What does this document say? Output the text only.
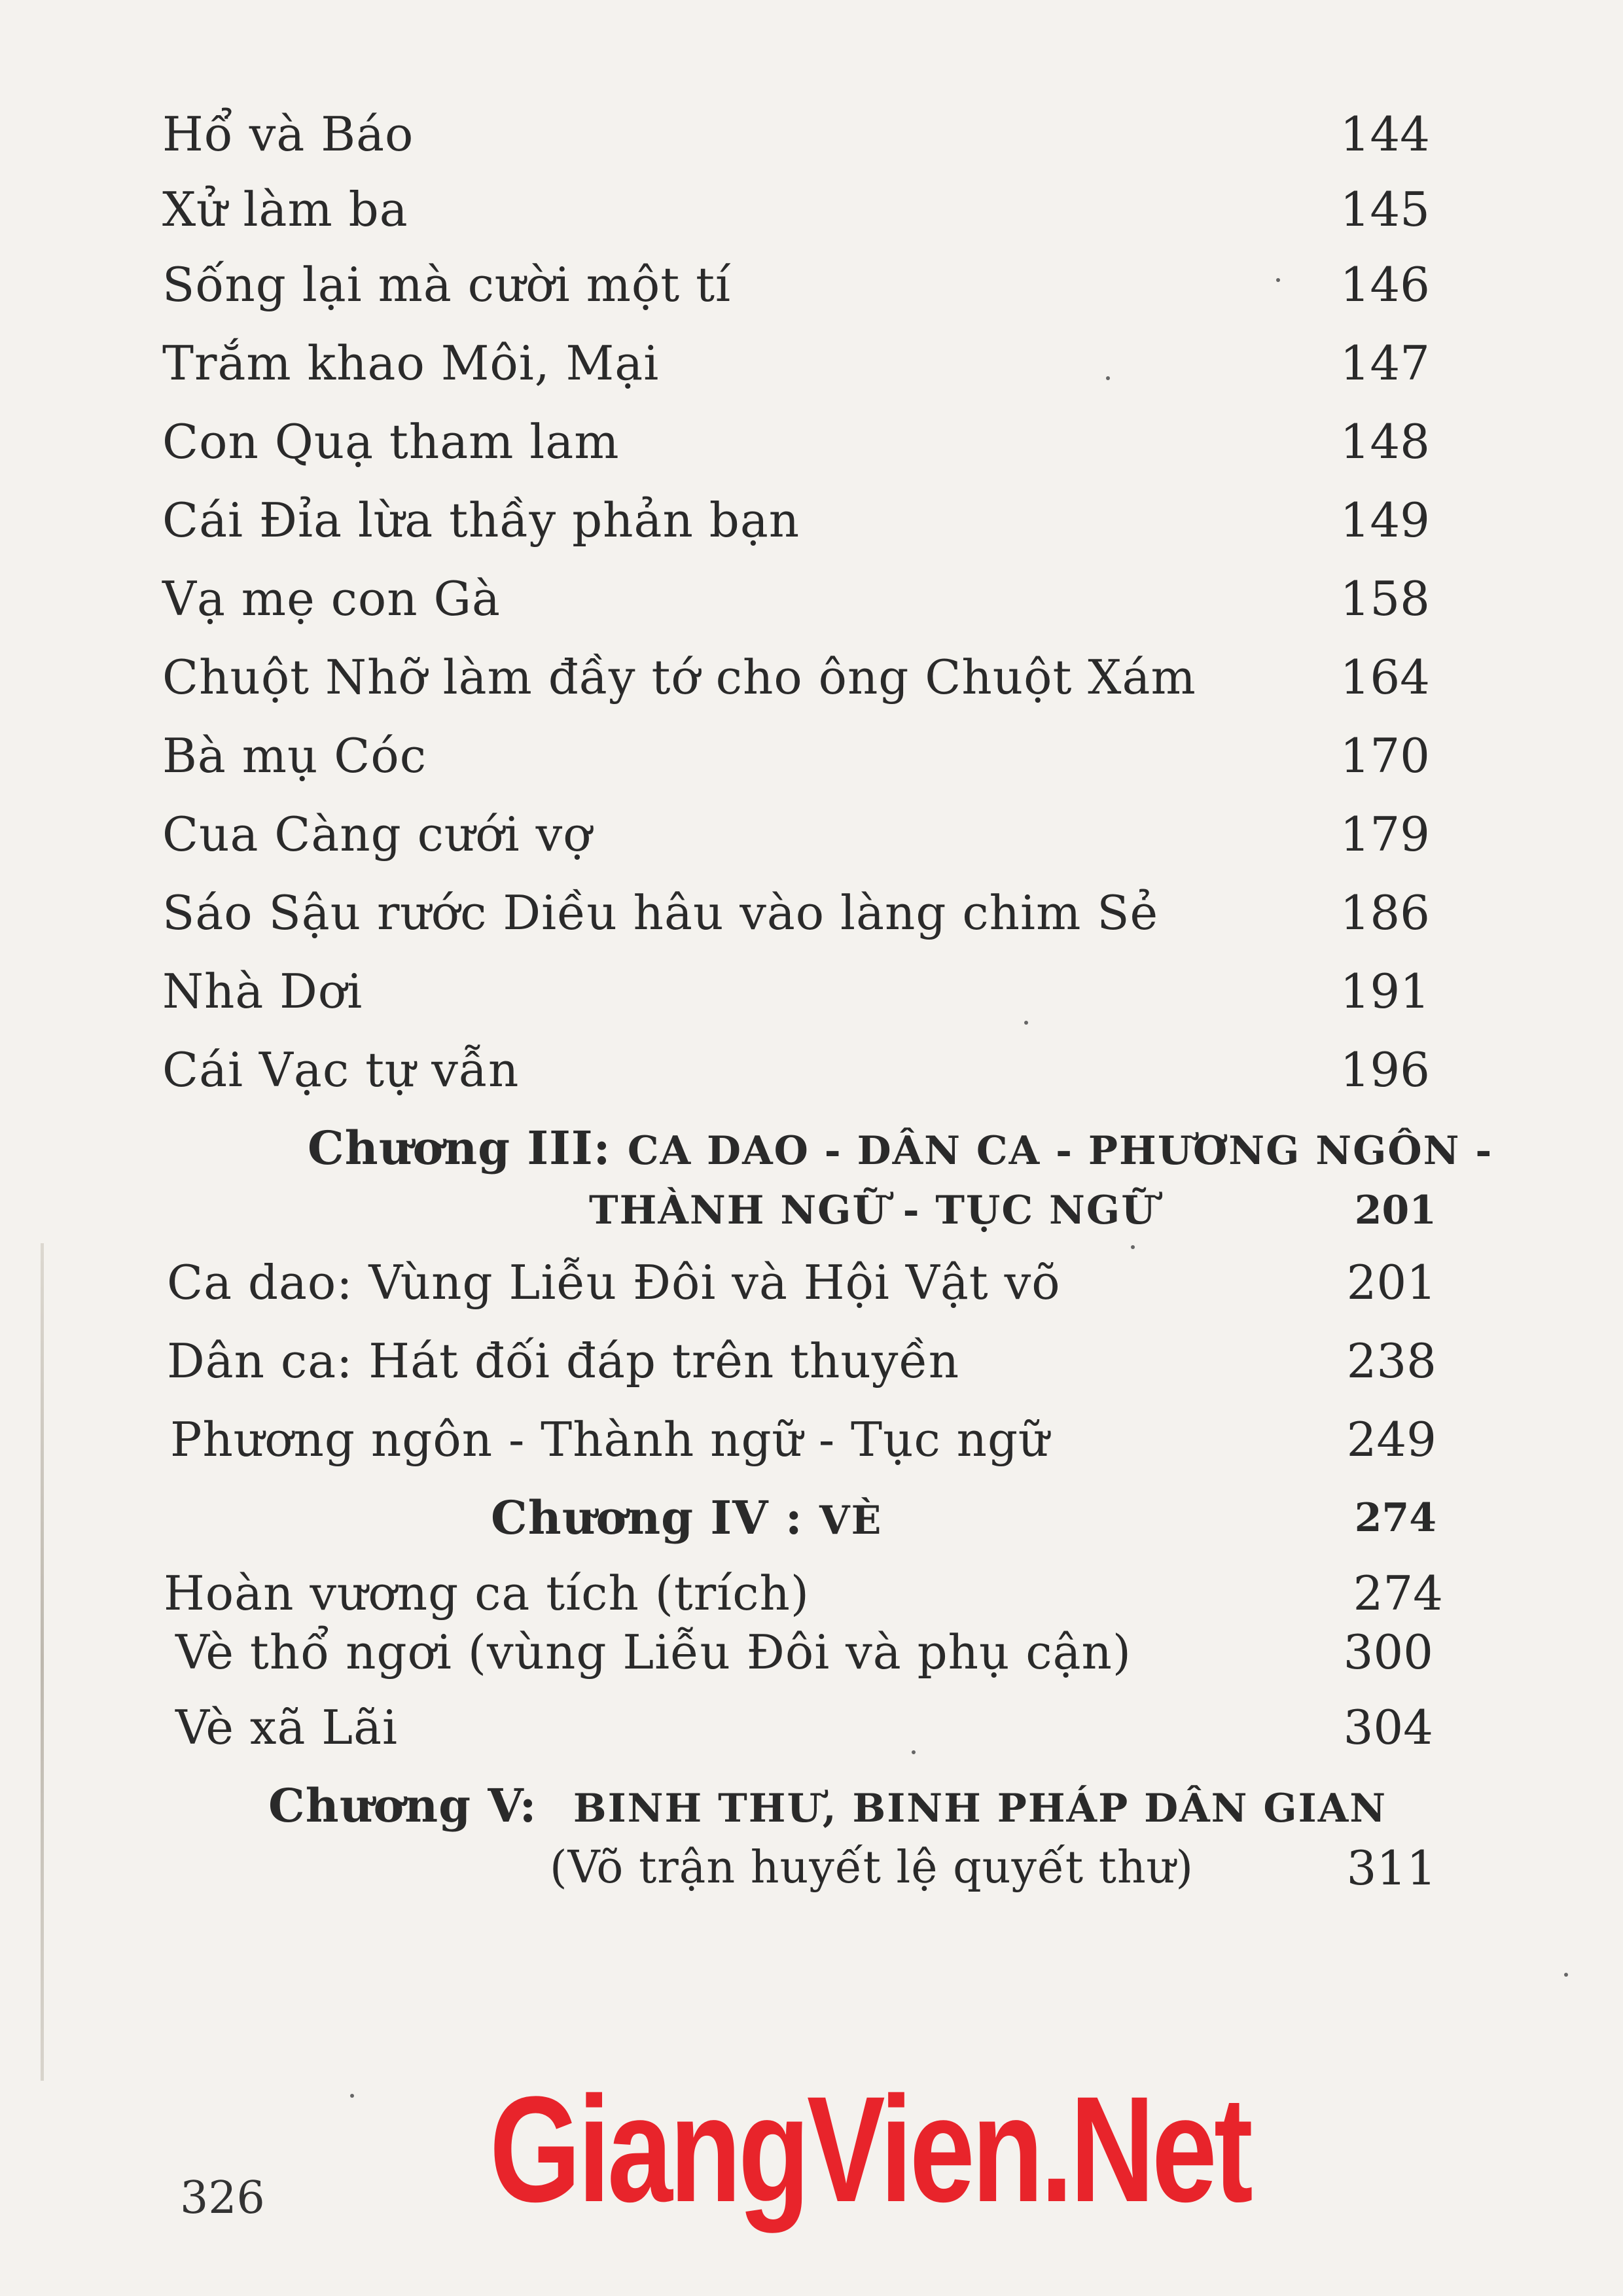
Hổ và Báo	144
Xử làm ba	145
Sống lại mà cười một tí	146
Trắm khao Môi, Mại	147
Con Quạ tham lam	148
Cái Đỉa lừa thầy phản bạn	149
Vạ mẹ con Gà	158
Chuột Nhỡ làm đầy tớ cho ông Chuột Xám	164
Bà mụ Cóc	170
Cua Càng cưới vợ	179
Sáo Sậu rước Diều hâu vào làng chim Sẻ	186
Nhà Dơi	191
Cái Vạc tự vẫn	196
Chương III: CA DAO - DÂN CA - PHƯƠNG NGÔN -
THÀNH NGỮ - TỤC NGỮ	201
Ca dao: Vùng Liễu Đôi và Hội Vật võ	201
Dân ca: Hát đối đáp trên thuyền	238
Phương ngôn - Thành ngữ - Tục ngữ	249
Chương IV : VÈ	274
Hoàn vương ca tích (trích)	274
Vè thổ ngơi (vùng Liễu Đôi và phụ cận)	300
Vè xã Lãi	304
Chương V: BINH THƯ, BINH PHÁP DÂN GIAN
(Võ trận huyết lệ quyết thư)	311
326 GiangVien.Net
